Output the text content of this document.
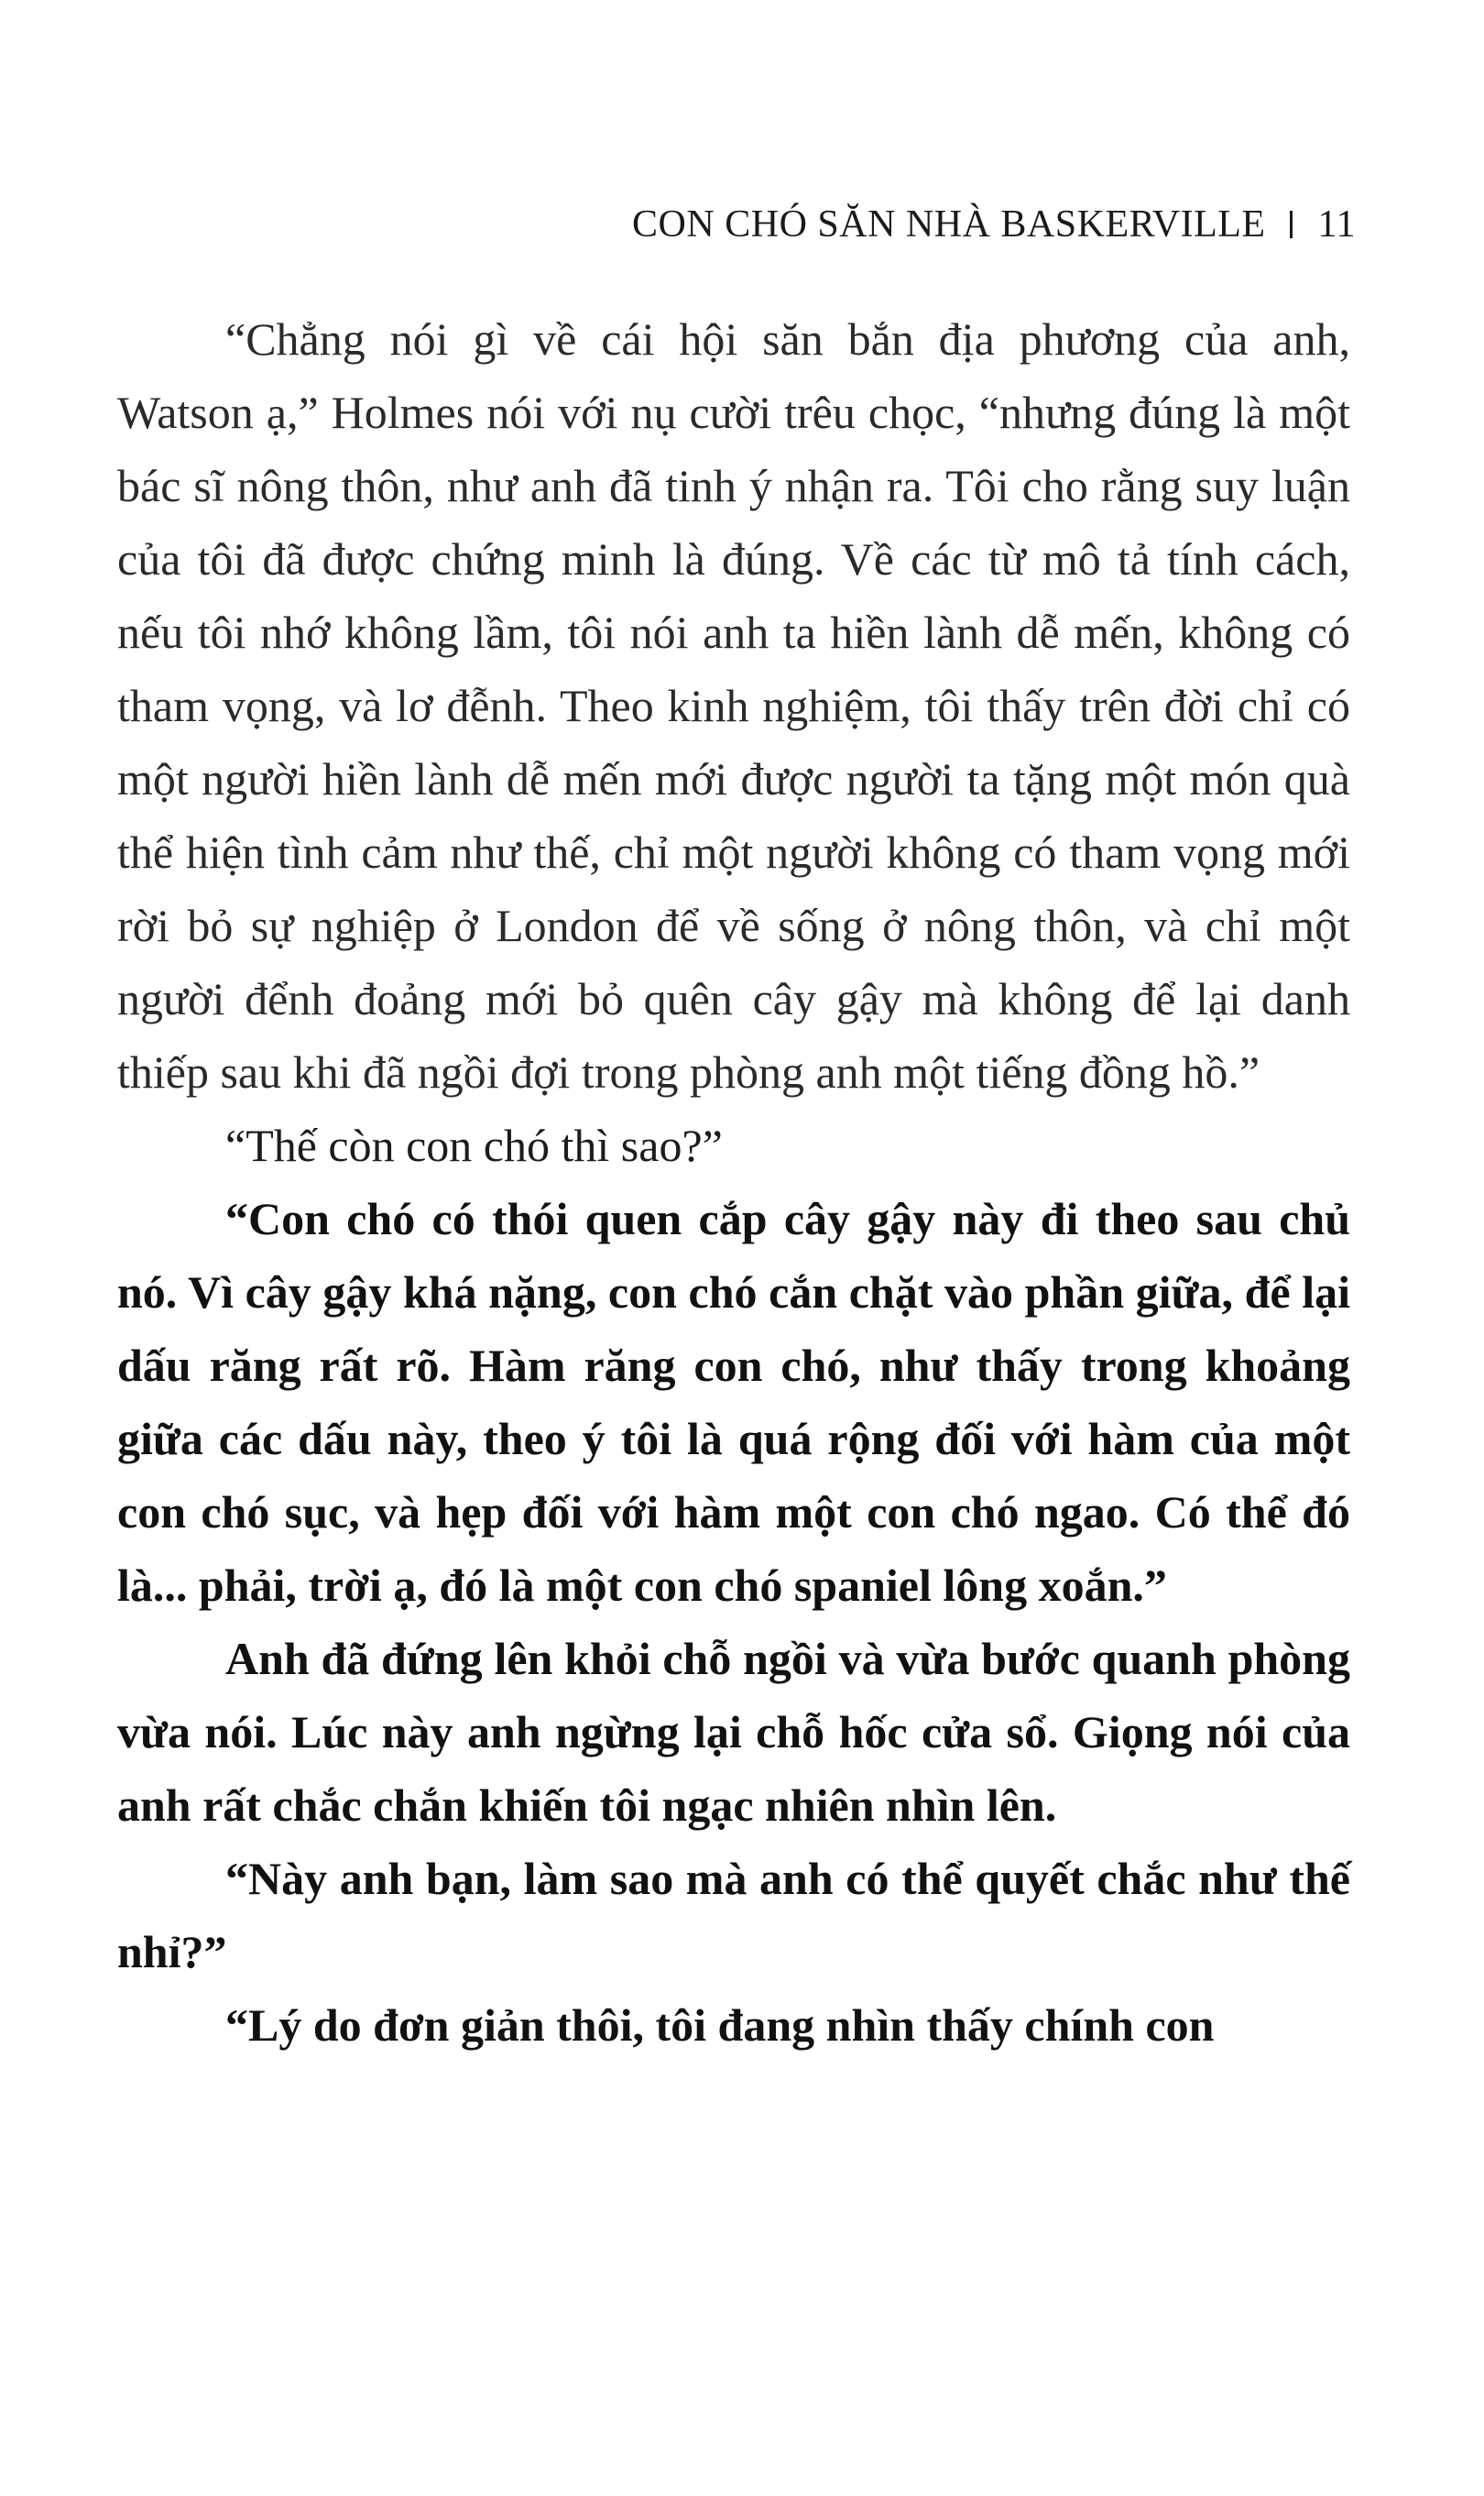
CON CHÓ SĂN NHÀ BASKERVILLE 11

“Chẳng nói gì về cái hội săn bắn địa phương của anh, Watson ạ,” Holmes nói với nụ cười trêu chọc, “nhưng đúng là một bác sĩ nông thôn, như anh đã tinh ý nhận ra. Tôi cho rằng suy luận của tôi đã được chứng minh là đúng. Về các từ mô tả tính cách, nếu tôi nhớ không lầm, tôi nói anh ta hiền lành dễ mến, không có tham vọng, và lơ đễnh. Theo kinh nghiệm, tôi thấy trên đời chỉ có một người hiền lành dễ mến mới được người ta tặng một món quà thể hiện tình cảm như thế, chỉ một người không có tham vọng mới rời bỏ sự nghiệp ở London để về sống ở nông thôn, và chỉ một người đểnh đoảng mới bỏ quên cây gậy mà không để lại danh thiếp sau khi đã ngồi đợi trong phòng anh một tiếng đồng hồ.”

“Thế còn con chó thì sao?”

“Con chó có thói quen cắp cây gậy này đi theo sau chủ nó. Vì cây gậy khá nặng, con chó cắn chặt vào phần giữa, để lại dấu răng rất rõ. Hàm răng con chó, như thấy trong khoảng giữa các dấu này, theo ý tôi là quá rộng đối với hàm của một con chó sục, và hẹp đối với hàm một con chó ngao. Có thể đó là... phải, trời ạ, đó là một con chó spaniel lông xoắn.”

Anh đã đứng lên khỏi chỗ ngồi và vừa bước quanh phòng vừa nói. Lúc này anh ngừng lại chỗ hốc cửa sổ. Giọng nói của anh rất chắc chắn khiến tôi ngạc nhiên nhìn lên.

“Này anh bạn, làm sao mà anh có thể quyết chắc như thế nhỉ?”

“Lý do đơn giản thôi, tôi đang nhìn thấy chính con
